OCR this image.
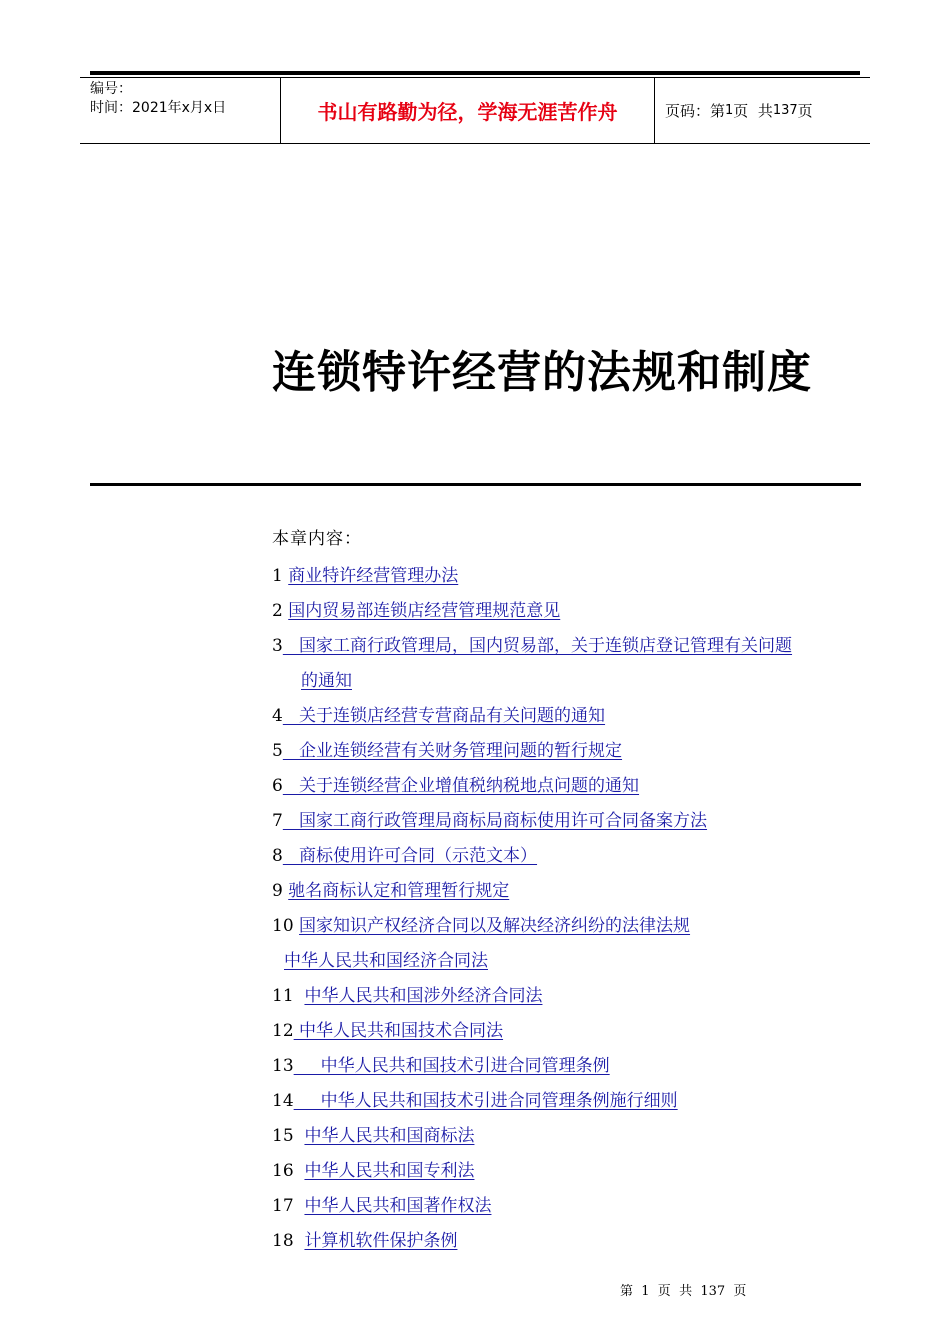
编号：
时间：2021年x月x日	书山有路勤为径，学海无涯苦作舟	页码：第 1 页  共 137 页
连锁特许经营的法规和制度
本章内容：
1 商业特许经营管理办法
2 国内贸易部连锁店经营管理规范意见
3   国家工商行政管理局，国内贸易部，关于连锁店登记管理有关问题
的通知
4   关于连锁店经营专营商品有关问题的通知
5   企业连锁经营有关财务管理问题的暂行规定
6   关于连锁经营企业增值税纳税地点问题的通知
7   国家工商行政管理局商标局商标使用许可合同备案方法
8   商标使用许可合同（示范文本）
9 驰名商标认定和管理暂行规定
10 国家知识产权经济合同以及解决经济纠纷的法律法规
中华人民共和国经济合同法
11 中华人民共和国涉外经济合同法
12 中华人民共和国技术合同法
13     中华人民共和国技术引进合同管理条例
14     中华人民共和国技术引进合同管理条例施行细则
15 中华人民共和国商标法
16 中华人民共和国专利法
17 中华人民共和国著作权法
18 计算机软件保护条例
第  1  页  共  137  页
